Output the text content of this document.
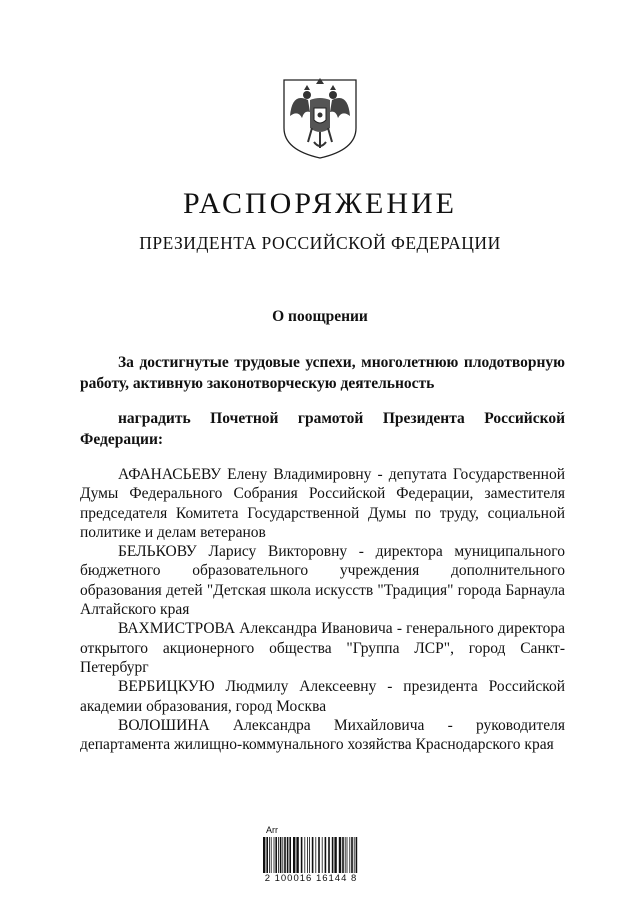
РАСПОРЯЖЕНИЕ
ПРЕЗИДЕНТА РОССИЙСКОЙ ФЕДЕРАЦИИ
О поощрении
За достигнутые трудовые успехи, многолетнюю плодотворную работу, активную законотворческую деятельность
наградить Почетной грамотой Президента Российской Федерации:

АФАНАСЬЕВУ Елену Владимировну - депутата Государственной Думы Федерального Собрания Российской Федерации, заместителя председателя Комитета Государственной Думы по труду, социальной политике и делам ветеранов

БЕЛЬКОВУ Ларису Викторовну - директора муниципального бюджетного образовательного учреждения дополнительного образования детей "Детская школа искусств "Традиция" города Барнаула Алтайского края

ВАХМИСТРОВА Александра Ивановича - генерального директора открытого акционерного общества "Группа ЛСР", город Санкт-Петербург

ВЕРБИЦКУЮ Людмилу Алексеевну - президента Российской академии образования, город Москва

ВОЛОШИНА Александра Михайловича - руководителя департамента жилищно-коммунального хозяйства Краснодарского края

Arr
2 100016 16144 8
